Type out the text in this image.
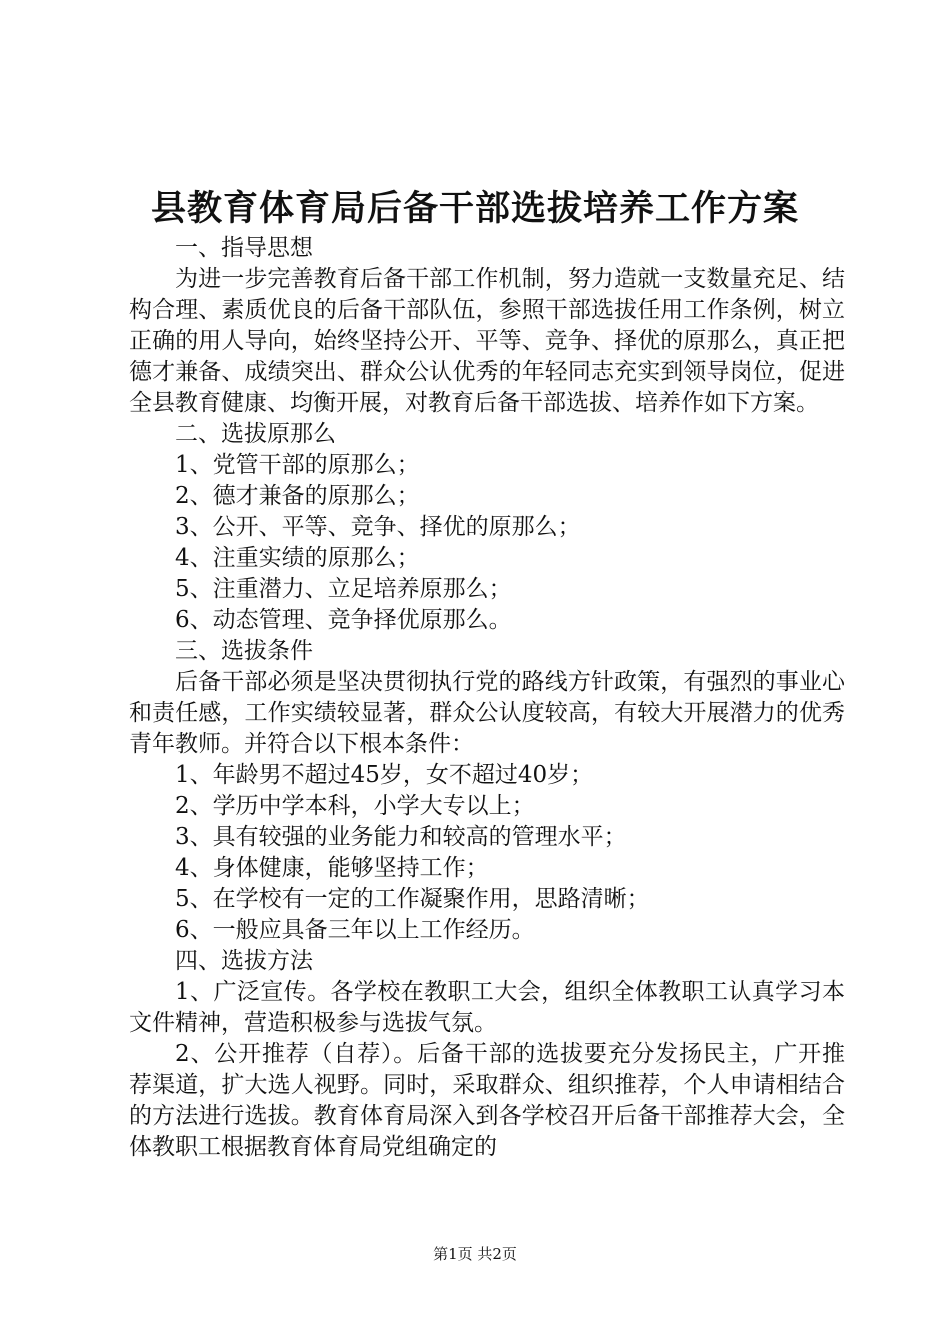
县教育体育局后备干部选拔培养工作方案

一、指导思想

为进一步完善教育后备干部工作机制，努力造就一支数量充足、结构合理、素质优良的后备干部队伍，参照干部选拔任用工作条例，树立正确的用人导向，始终坚持公开、平等、竞争、择优的原那么，真正把德才兼备、成绩突出、群众公认优秀的年轻同志充实到领导岗位，促进全县教育健康、均衡开展，对教育后备干部选拔、培养作如下方案。

二、选拔原那么

1、党管干部的原那么；

2、德才兼备的原那么；

3、公开、平等、竞争、择优的原那么；

4、注重实绩的原那么；

5、注重潜力、立足培养原那么；

6、动态管理、竞争择优原那么。

三、选拔条件

后备干部必须是坚决贯彻执行党的路线方针政策，有强烈的事业心和责任感，工作实绩较显著，群众公认度较高，有较大开展潜力的优秀青年教师。并符合以下根本条件：

1、年龄男不超过45岁，女不超过40岁；

2、学历中学本科，小学大专以上；

3、具有较强的业务能力和较高的管理水平；

4、身体健康，能够坚持工作；

5、在学校有一定的工作凝聚作用，思路清晰；

6、一般应具备三年以上工作经历。

四、选拔方法

1、广泛宣传。各学校在教职工大会，组织全体教职工认真学习本文件精神，营造积极参与选拔气氛。

2、公开推荐（自荐）。后备干部的选拔要充分发扬民主，广开推荐渠道，扩大选人视野。同时，采取群众、组织推荐，个人申请相结合的方法进行选拔。教育体育局深入到各学校召开后备干部推荐大会，全体教职工根据教育体育局党组确定的

第1页 共2页
